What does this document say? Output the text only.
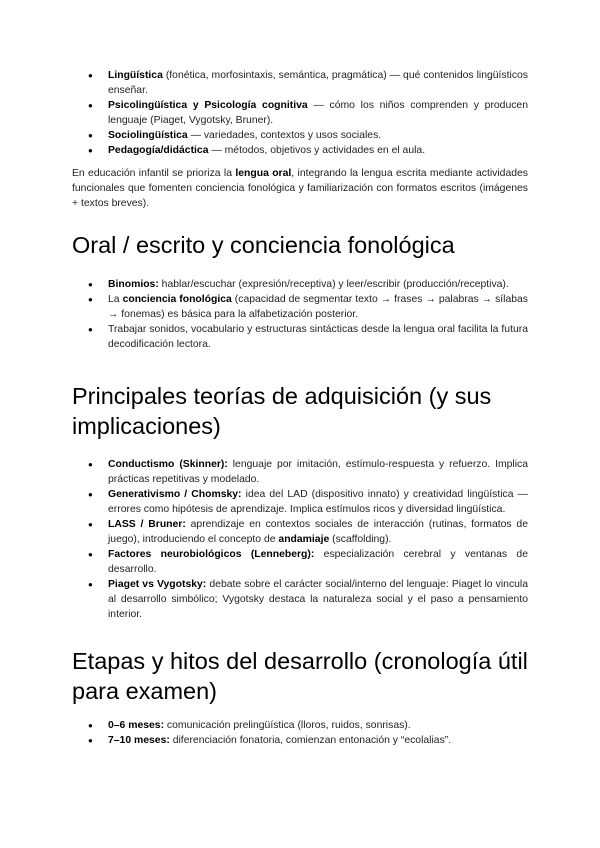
● Lingüística (fonética, morfosintaxis, semántica, pragmática) — qué contenidos lingüísticos enseñar.
● Psicolingüística y Psicología cognitiva — cómo los niños comprenden y producen lenguaje (Piaget, Vygotsky, Bruner).
● Sociolingüística — variedades, contextos y usos sociales.
● Pedagogía/didáctica — métodos, objetivos y actividades en el aula.

En educación infantil se prioriza la lengua oral, integrando la lengua escrita mediante actividades funcionales que fomenten conciencia fonológica y familiarización con formatos escritos (imágenes + textos breves).

Oral / escrito y conciencia fonológica
● Binomios: hablar/escuchar (expresión/receptiva) y leer/escribir (producción/receptiva).
● La conciencia fonológica (capacidad de segmentar texto → frases → palabras → sílabas → fonemas) es básica para la alfabetización posterior.
● Trabajar sonidos, vocabulario y estructuras sintácticas desde la lengua oral facilita la futura decodificación lectora.
Principales teorías de adquisición (y sus implicaciones)
● Conductismo (Skinner): lenguaje por imitación, estímulo-respuesta y refuerzo. Implica prácticas repetitivas y modelado.
● Generativismo / Chomsky: idea del LAD (dispositivo innato) y creatividad lingüística — errores como hipótesis de aprendizaje. Implica estímulos ricos y diversidad lingüística.
● LASS / Bruner: aprendizaje en contextos sociales de interacción (rutinas, formatos de juego), introduciendo el concepto de andamiaje (scaffolding).
● Factores neurobiológicos (Lenneberg): especialización cerebral y ventanas de desarrollo.
● Piaget vs Vygotsky: debate sobre el carácter social/interno del lenguaje: Piaget lo vincula al desarrollo simbólico; Vygotsky destaca la naturaleza social y el paso a pensamiento interior.
Etapas y hitos del desarrollo (cronología útil para examen)
● 0–6 meses: comunicación prelingüística (lloros, ruidos, sonrisas).
● 7–10 meses: diferenciación fonatoria, comienzan entonación y “ecolalias”.
